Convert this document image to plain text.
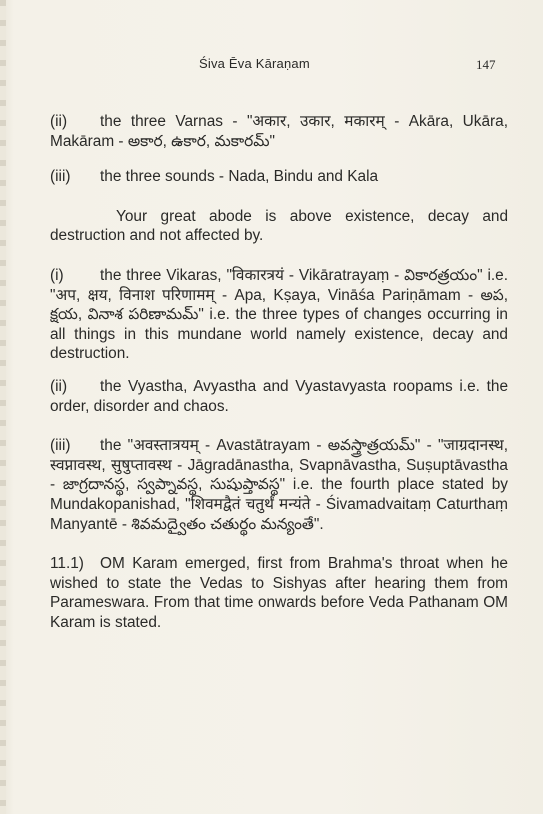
Śiva Ēva Kāraṇam	147

(ii) the three Varnas - "अकार, उकार, मकारम् - Akāra, Ukāra, Makāram - అకార, ఉకార, మకారమ్"

(iii) the three sounds - Nada, Bindu and Kala

Your great abode is above existence, decay and destruction and not affected by.

(i) the three Vikaras, "विकारत्रयं - Vikāratrayaṃ - వికారత్రయం" i.e. "अप, क्षय, विनाश परिणामम् - Apa, Kṣaya, Vināśa Pariṇāmam - అప, క్షయ, వినాశ పరిణామమ్" i.e. the three types of changes occurring in all things in this mundane world namely existence, decay and destruction.

(ii) the Vyastha, Avyastha and Vyastavyasta roopams i.e. the order, disorder and chaos.

(iii) the "अवस्तात्रयम् - Avastātrayam - అవస్త్రాత్రయమ్" - "जाग्रदानस्थ, स्वप्नावस्थ, सुषुप्तावस्थ - Jāgradānastha, Svapnāvastha, Suṣuptāvastha - జాగ్రదానస్థ, స్వప్నావస్థ, సుషుప్తావస్థ" i.e. the fourth place stated by Mundakopanishad, "शिवमद्वैतं चतुर्थं मन्यंते - Śivamadvaitaṃ Caturthaṃ Manyantē - శివమద్వైతం చతుర్థం మన్యంతే".

11.1) OM Karam emerged, first from Brahma's throat when he wished to state the Vedas to Sishyas after hearing them from Parameswara. From that time onwards before Veda Pathanam OM Karam is stated.
